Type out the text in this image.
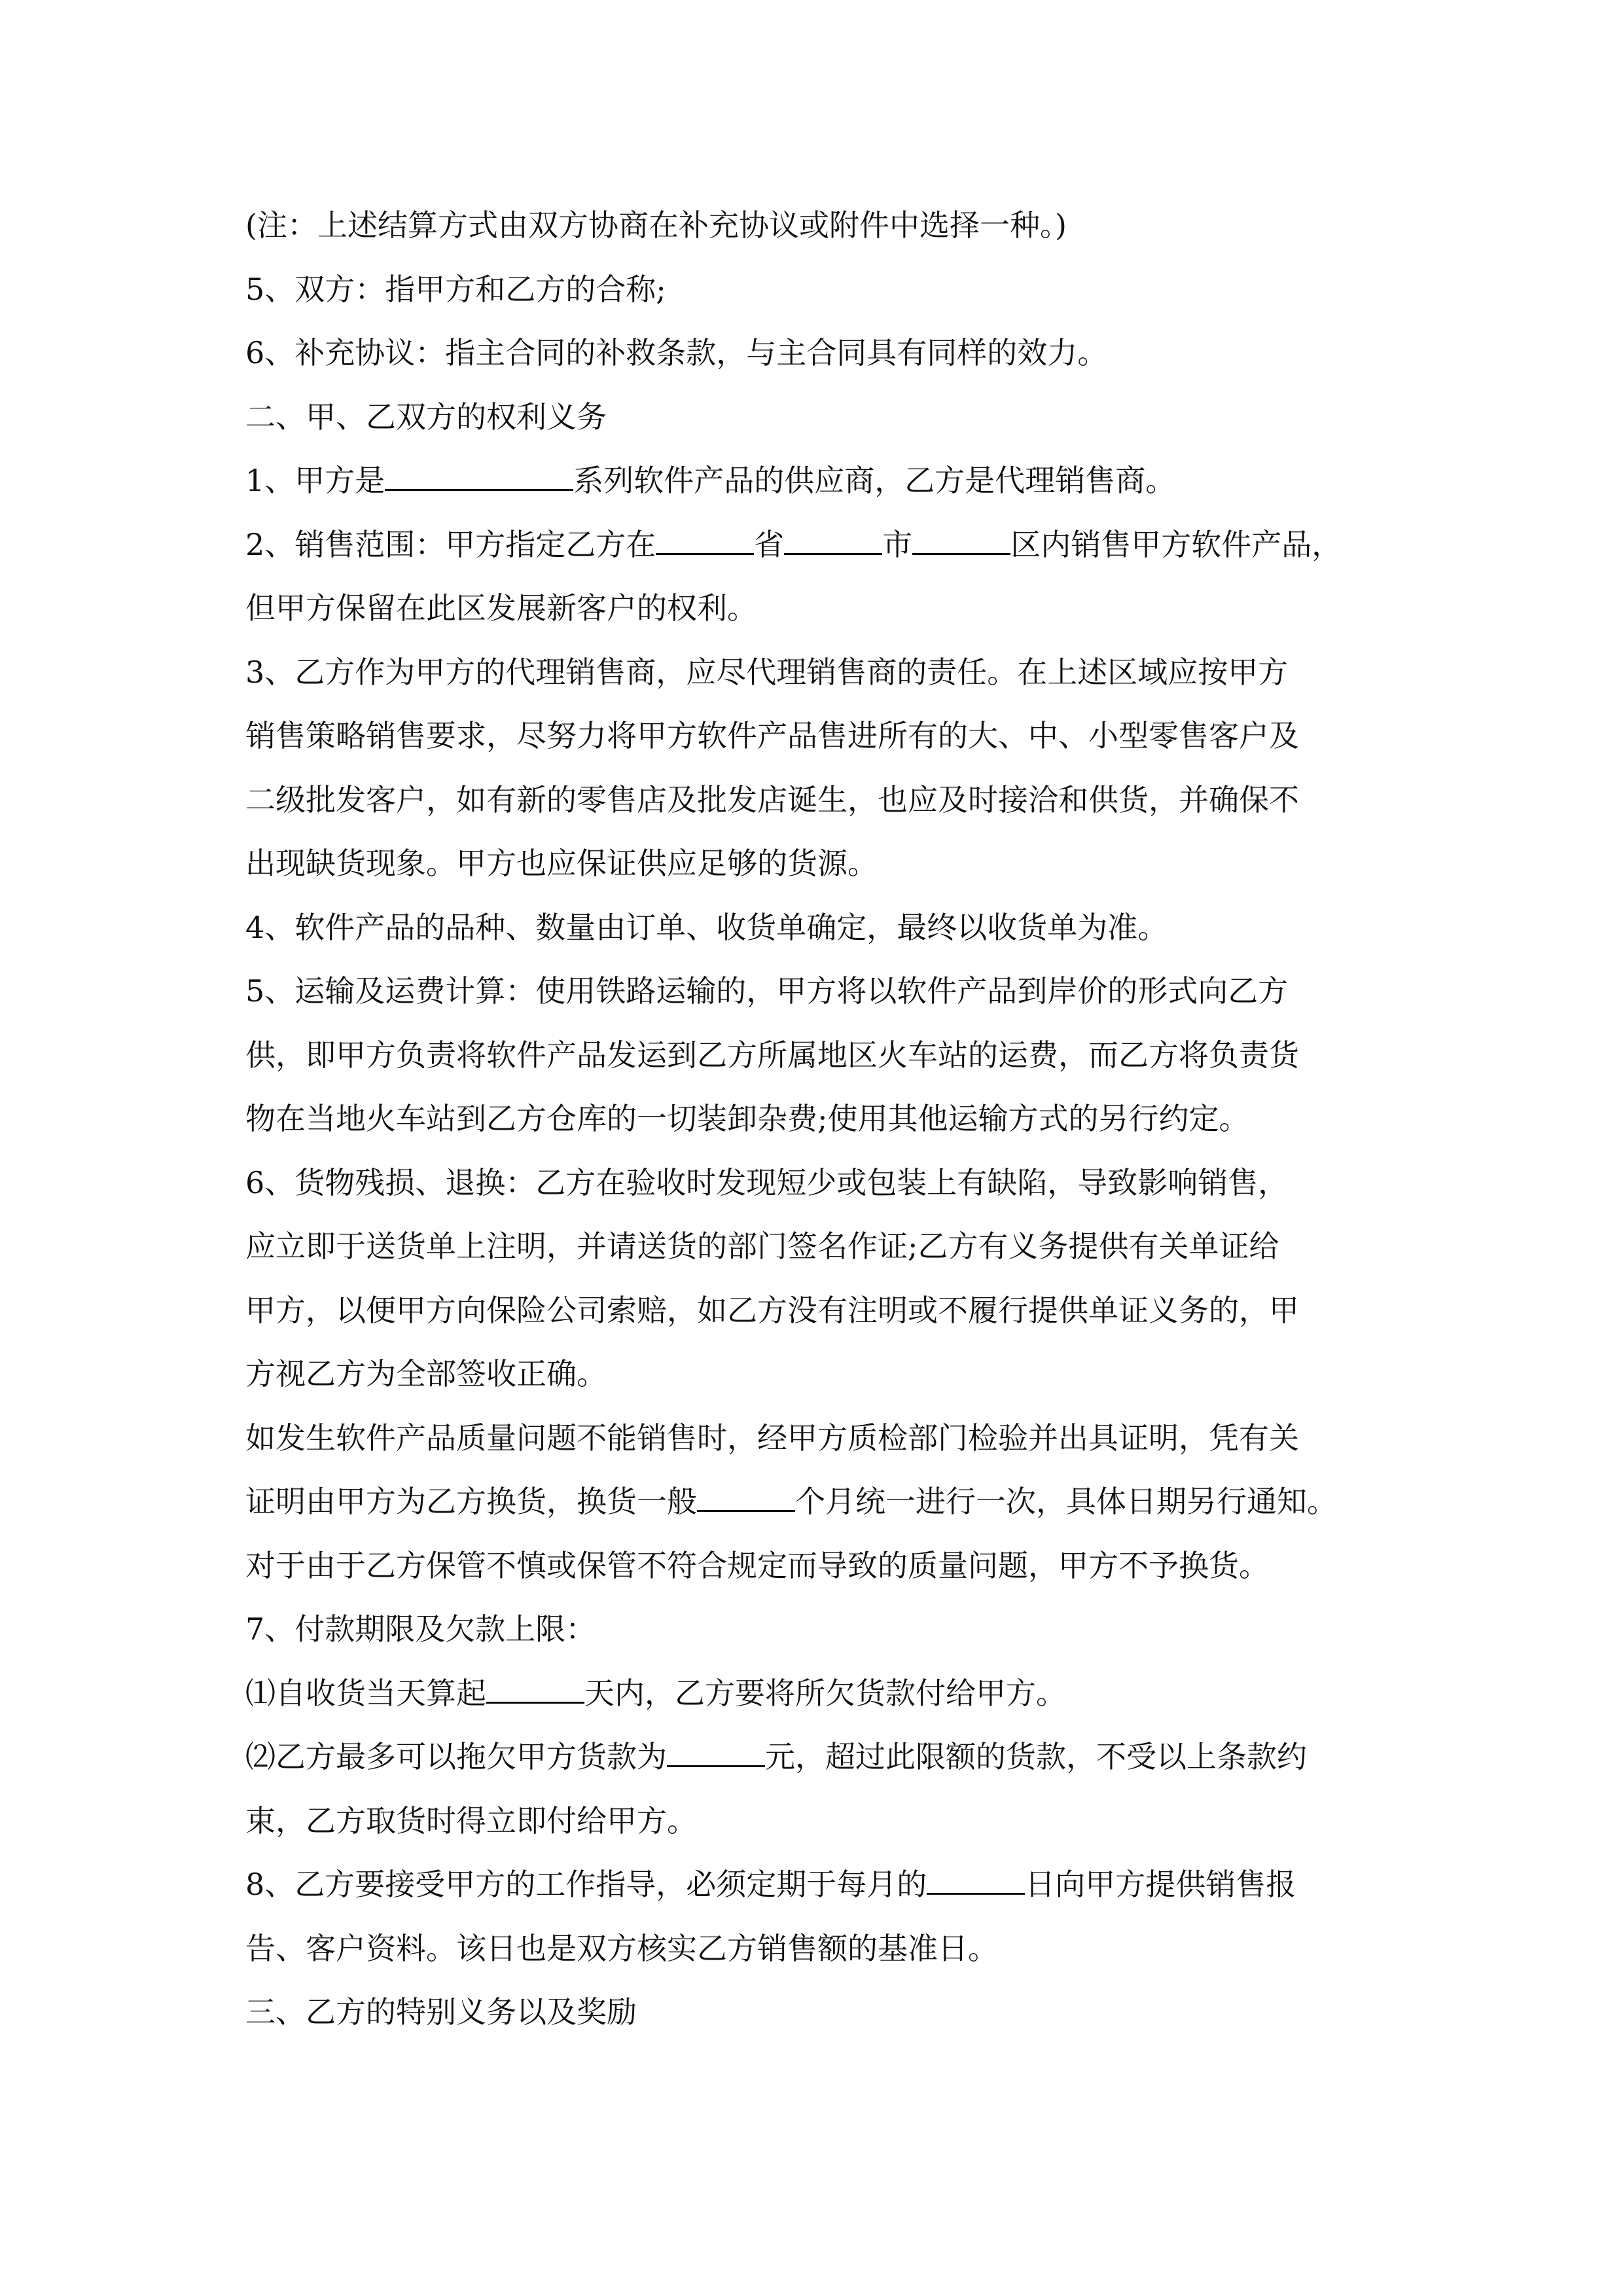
(注：上述结算方式由双方协商在补充协议或附件中选择一种。)
5、双方：指甲方和乙方的合称;
6、补充协议：指主合同的补救条款，与主合同具有同样的效力。
二、甲、乙双方的权利义务
1、甲方是	系列软件产品的供应商，乙方是代理销售商。
2、销售范围：甲方指定乙方在	省	市	区内销售甲方软件产品，
但甲方保留在此区发展新客户的权利。
3、乙方作为甲方的代理销售商，应尽代理销售商的责任。在上述区域应按甲方
销售策略销售要求，尽努力将甲方软件产品售进所有的大、中、小型零售客户及
二级批发客户，如有新的零售店及批发店诞生，也应及时接洽和供货，并确保不
出现缺货现象。甲方也应保证供应足够的货源。
4、软件产品的品种、数量由订单、收货单确定，最终以收货单为准。
5、运输及运费计算：使用铁路运输的，甲方将以软件产品到岸价的形式向乙方
供，即甲方负责将软件产品发运到乙方所属地区火车站的运费，而乙方将负责货
物在当地火车站到乙方仓库的一切装卸杂费;使用其他运输方式的另行约定。
6、货物残损、退换：乙方在验收时发现短少或包装上有缺陷，导致影响销售，
应立即于送货单上注明，并请送货的部门签名作证;乙方有义务提供有关单证给
甲方，以便甲方向保险公司索赔，如乙方没有注明或不履行提供单证义务的，甲
方视乙方为全部签收正确。
如发生软件产品质量问题不能销售时，经甲方质检部门检验并出具证明，凭有关
证明由甲方为乙方换货，换货一般	个月统一进行一次，具体日期另行通知。
对于由于乙方保管不慎或保管不符合规定而导致的质量问题，甲方不予换货。
7、付款期限及欠款上限：
⑴自收货当天算起	天内，乙方要将所欠货款付给甲方。
⑵乙方最多可以拖欠甲方货款为	元，超过此限额的货款，不受以上条款约
束，乙方取货时得立即付给甲方。
8、乙方要接受甲方的工作指导，必须定期于每月的	日向甲方提供销售报
告、客户资料。该日也是双方核实乙方销售额的基准日。
三、乙方的特别义务以及奖励
